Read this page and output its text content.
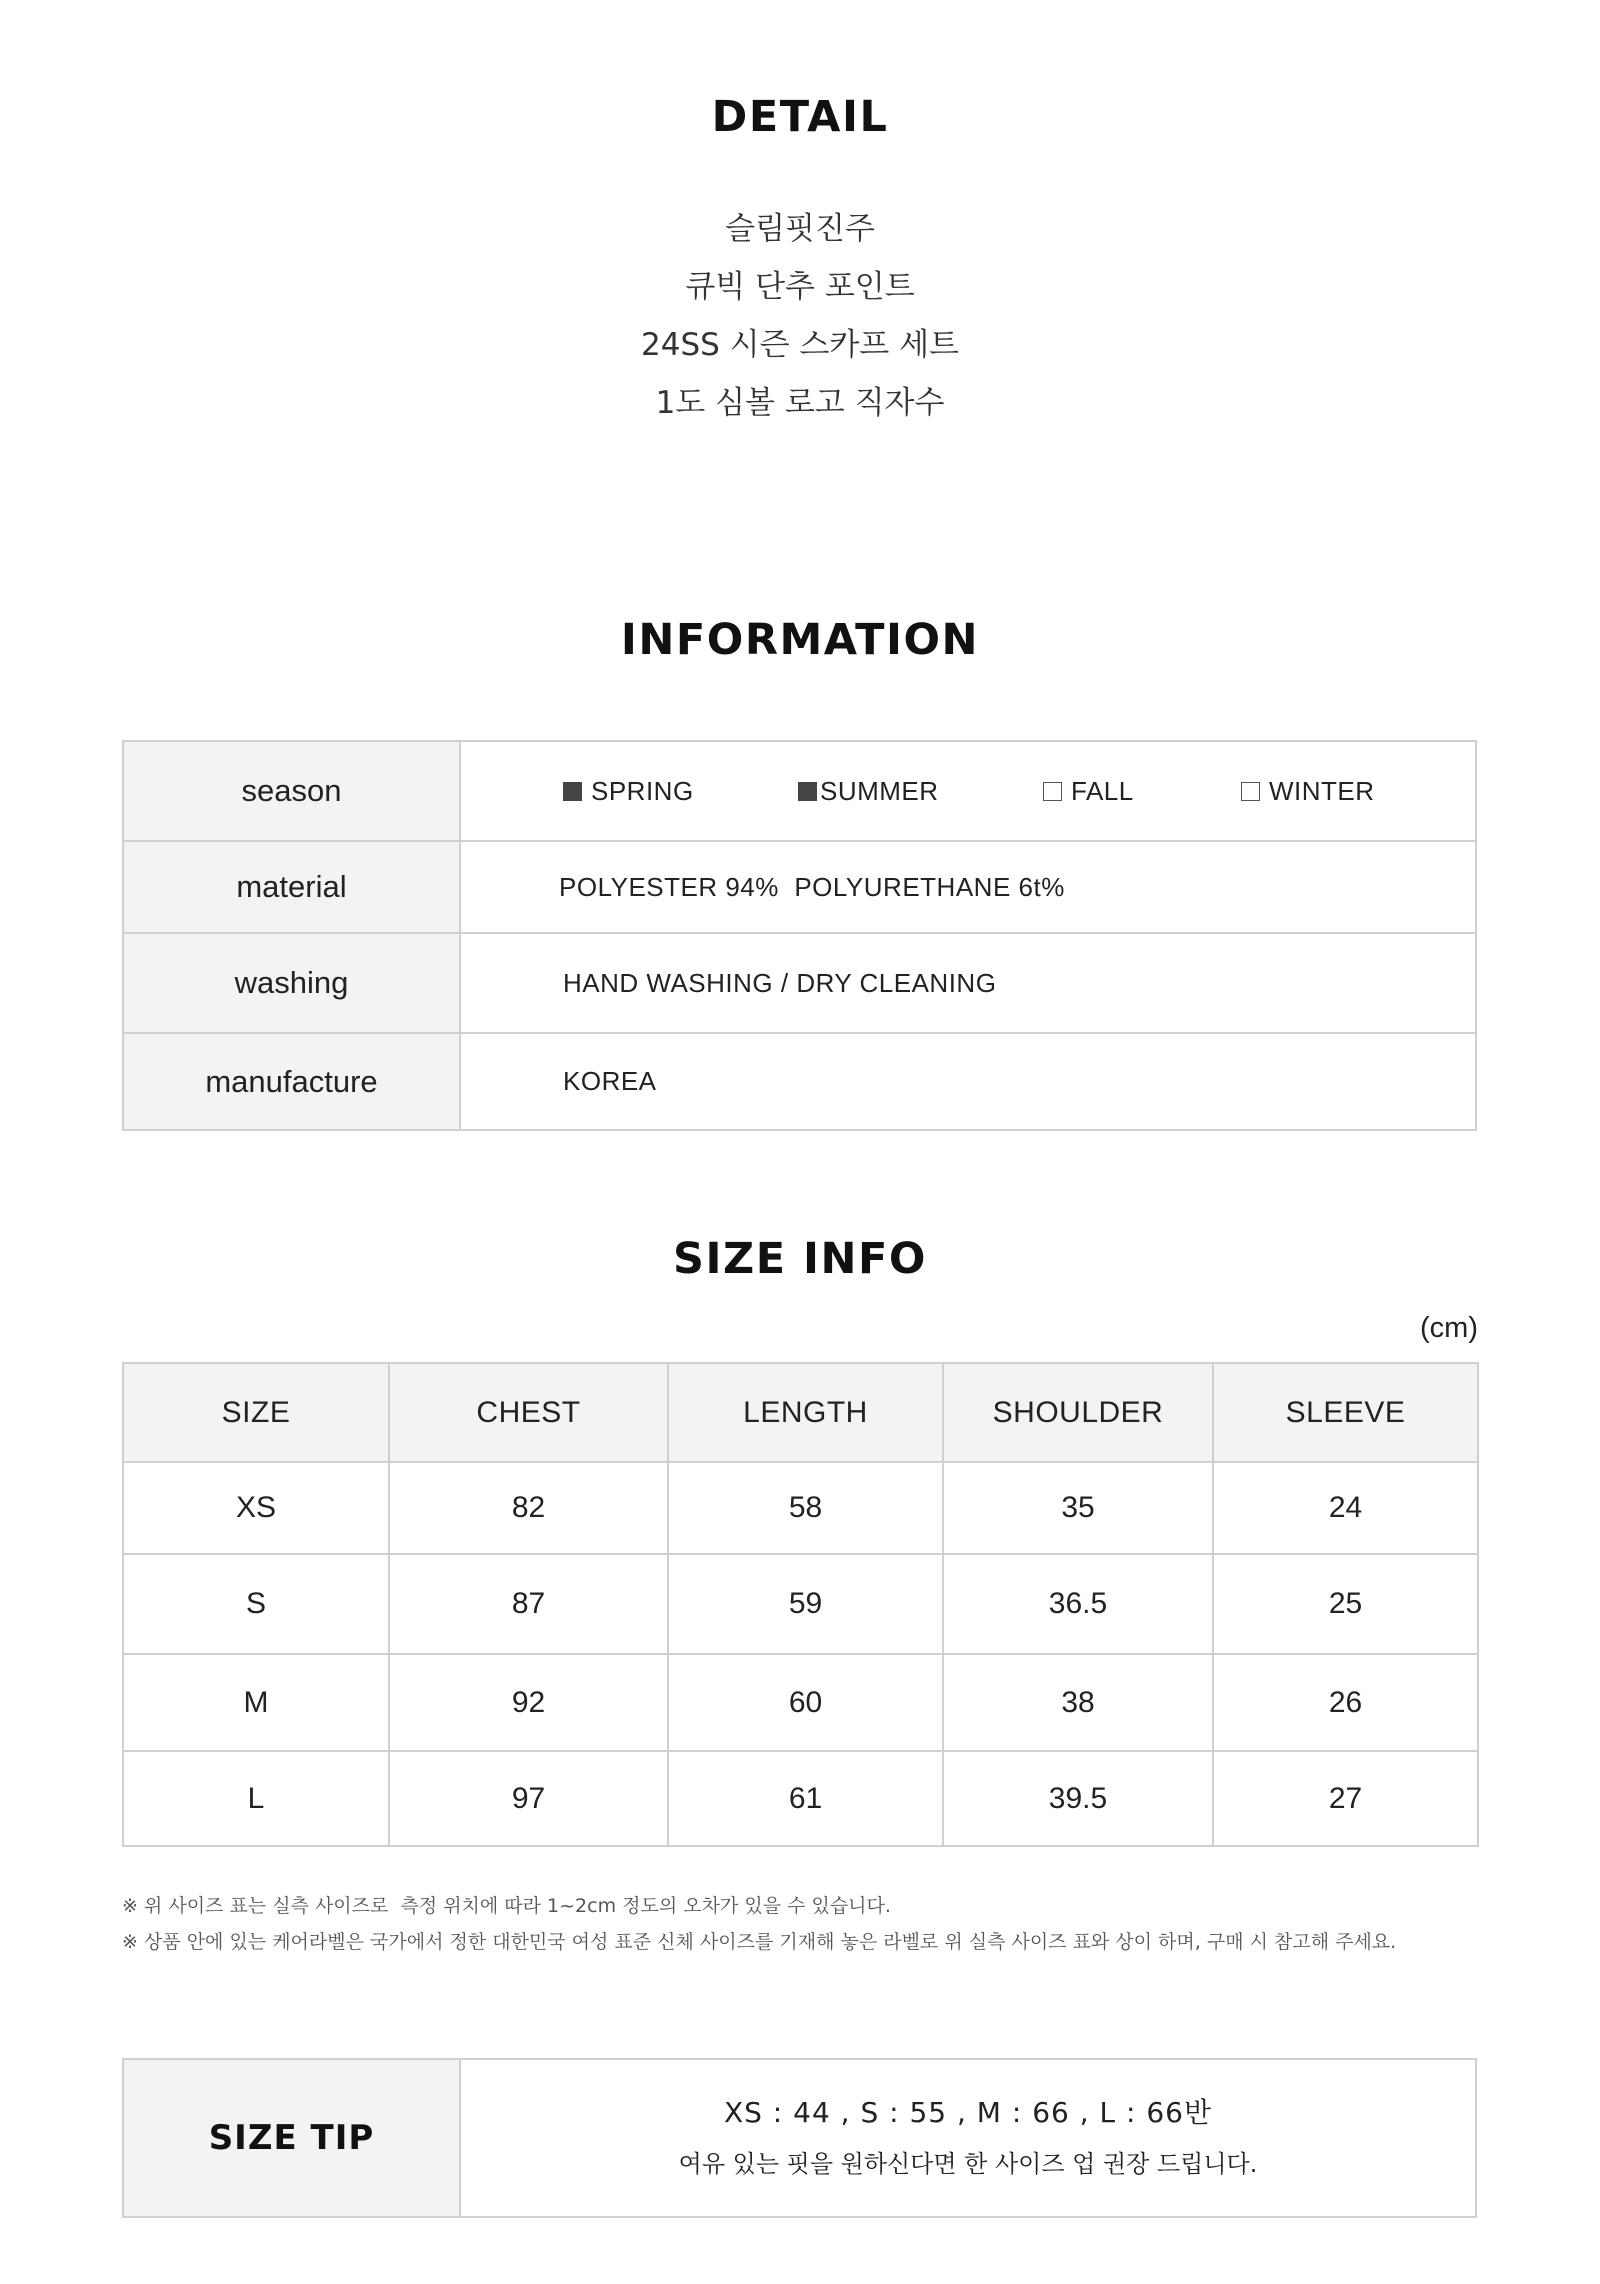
DETAIL
슬림핏진주
큐빅 단추 포인트
24SS 시즌 스카프 세트
1도 심볼 로고 직자수
INFORMATION
season	SPRING SUMMER FALL WINTER

material	POLYESTER 94%  POLYURETHANE 6t%
washing	HAND WASHING / DRY CLEANING
manufacture	KOREA
SIZE INFO
(cm)
SIZE	CHEST	LENGTH	SHOULDER	SLEEVE
XS	82	58	35	24
S	87	59	36.5	25
M	92	60	38	26
L	97	61	39.5	27
※ 위 사이즈 표는 실측 사이즈로  측정 위치에 따라 1~2cm 정도의 오차가 있을 수 있습니다.
※ 상품 안에 있는 케어라벨은 국가에서 정한 대한민국 여성 표준 신체 사이즈를 기재해 놓은 라벨로 위 실측 사이즈 표와 상이 하며, 구매 시 참고해 주세요.
SIZE TIP	
XS : 44 , S : 55 , M : 66 , L : 66반
여유 있는 핏을 원하신다면 한 사이즈 업 권장 드립니다.
